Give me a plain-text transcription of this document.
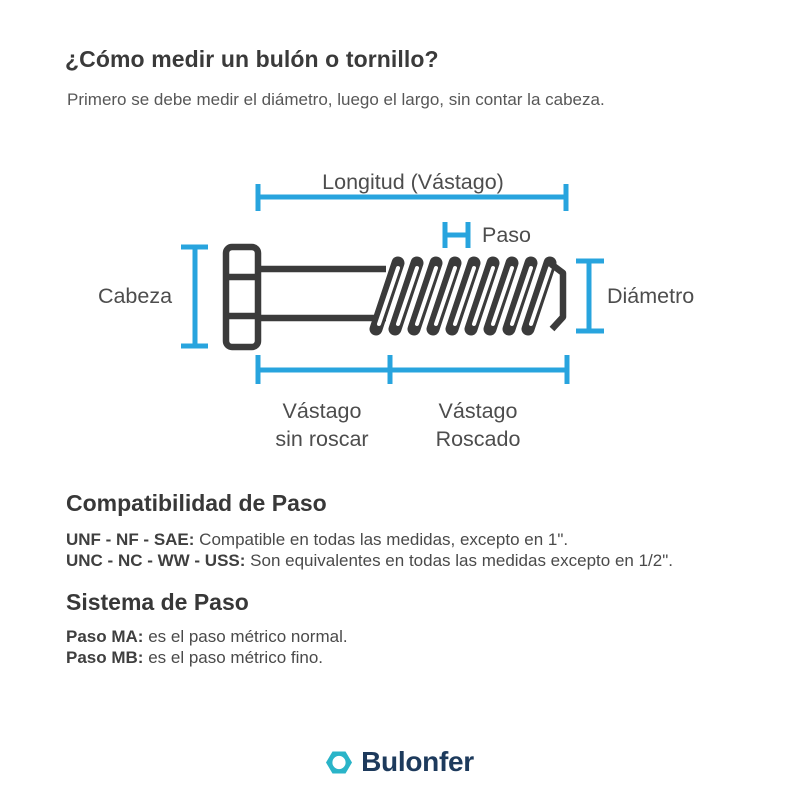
¿Cómo medir un bulón o tornillo?

Primero se debe medir el diámetro, luego el largo, sin contar la cabeza.

Longitud (Vástago)
Paso
Cabeza	Diámetro
Vástago
sin roscar
Vástago
Roscado
Compatibilidad de Paso
UNF - NF - SAE: Compatible en todas las medidas, excepto en 1".
UNC - NC - WW - USS: Son equivalentes en todas las medidas excepto en 1/2".
Sistema de Paso
Paso MA: es el paso métrico normal.
Paso MB: es el paso métrico fino.
Bulonfer
